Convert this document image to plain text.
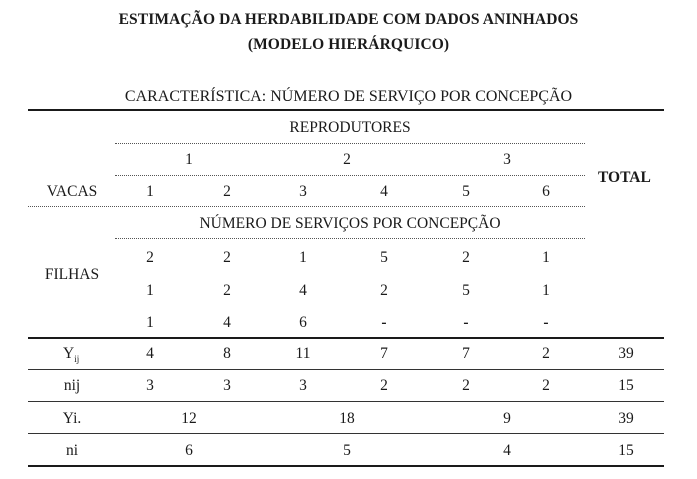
ESTIMAÇÃO DA HERDABILIDADE COM DADOS ANINHADOS
(MODELO HIERÁRQUICO)
CARACTERÍSTICA: NÚMERO DE SERVIÇO POR CONCEPÇÃO
REPRODUTORES
1	2	3
TOTAL
VACAS	1	2	3	4	5	6
NÚMERO DE SERVIÇOS POR CONCEPÇÃO
FILHAS
2	2	1	5	2	1
1	2	4	2	5	1
1	4	6	-	-	-
$Y_{ij}$	4	8	11	7	7	2	39
nij	3	3	3	2	2	2	15
Yi.	12	18	9	39
ni	6	5	4	15
